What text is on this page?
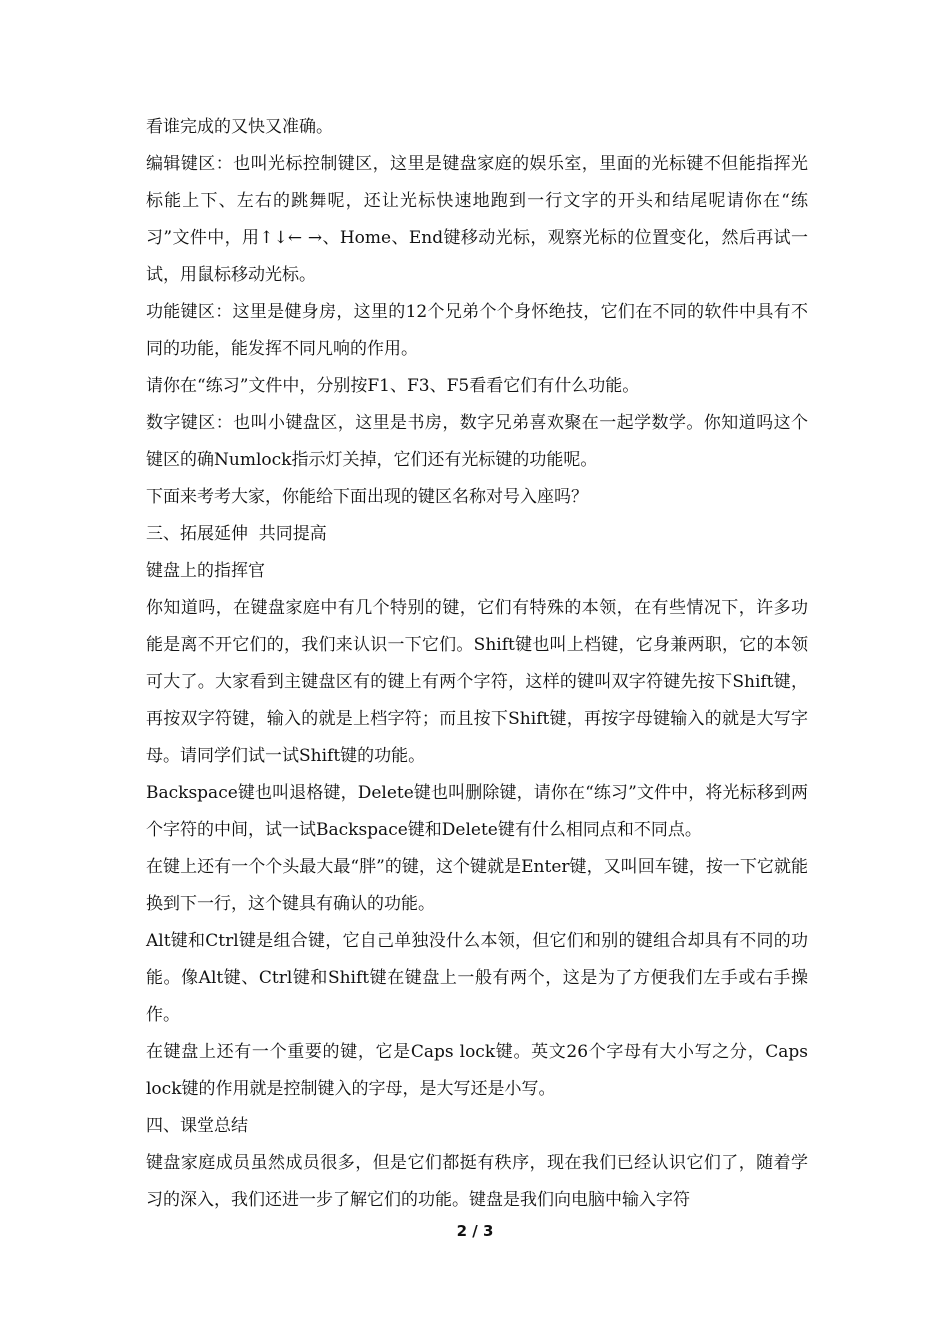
看谁完成的又快又准确。

编辑键区：也叫光标控制键区，这里是键盘家庭的娱乐室，里面的光标键不但能指挥光标能上下、左右的跳舞呢，还让光标快速地跑到一行文字的开头和结尾呢请你在“练习”文件中，用↑↓← →、Home、End键移动光标，观察光标的位置变化，然后再试一试，用鼠标移动光标。

功能键区：这里是健身房，这里的12个兄弟个个身怀绝技，它们在不同的软件中具有不同的功能，能发挥不同凡响的作用。

请你在“练习”文件中，分别按F1、F3、F5看看它们有什么功能。

数字键区：也叫小键盘区，这里是书房，数字兄弟喜欢聚在一起学数学。你知道吗这个键区的确Numlock指示灯关掉，它们还有光标键的功能呢。

下面来考考大家，你能给下面出现的键区名称对号入座吗？

三、拓展延伸  共同提高

键盘上的指挥官

你知道吗，在键盘家庭中有几个特别的键，它们有特殊的本领，在有些情况下，许多功能是离不开它们的，我们来认识一下它们。Shift键也叫上档键，它身兼两职，它的本领可大了。大家看到主键盘区有的键上有两个字符，这样的键叫双字符键先按下Shift键，再按双字符键，输入的就是上档字符；而且按下Shift键，再按字母键输入的就是大写字母。请同学们试一试Shift键的功能。

Backspace键也叫退格键，Delete键也叫删除键，请你在“练习”文件中，将光标移到两个字符的中间，试一试Backspace键和Delete键有什么相同点和不同点。

在键上还有一个个头最大最“胖”的键，这个键就是Enter键，又叫回车键，按一下它就能换到下一行，这个键具有确认的功能。

Alt键和Ctrl键是组合键，它自己单独没什么本领，但它们和别的键组合却具有不同的功能。像Alt键、Ctrl键和Shift键在键盘上一般有两个，这是为了方便我们左手或右手操作。

在键盘上还有一个重要的键，它是Caps lock键。英文26个字母有大小写之分，Caps lock键的作用就是控制键入的字母，是大写还是小写。

四、课堂总结

键盘家庭成员虽然成员很多，但是它们都挺有秩序，现在我们已经认识它们了，随着学习的深入，我们还进一步了解它们的功能。键盘是我们向电脑中输入字符

2 / 3
